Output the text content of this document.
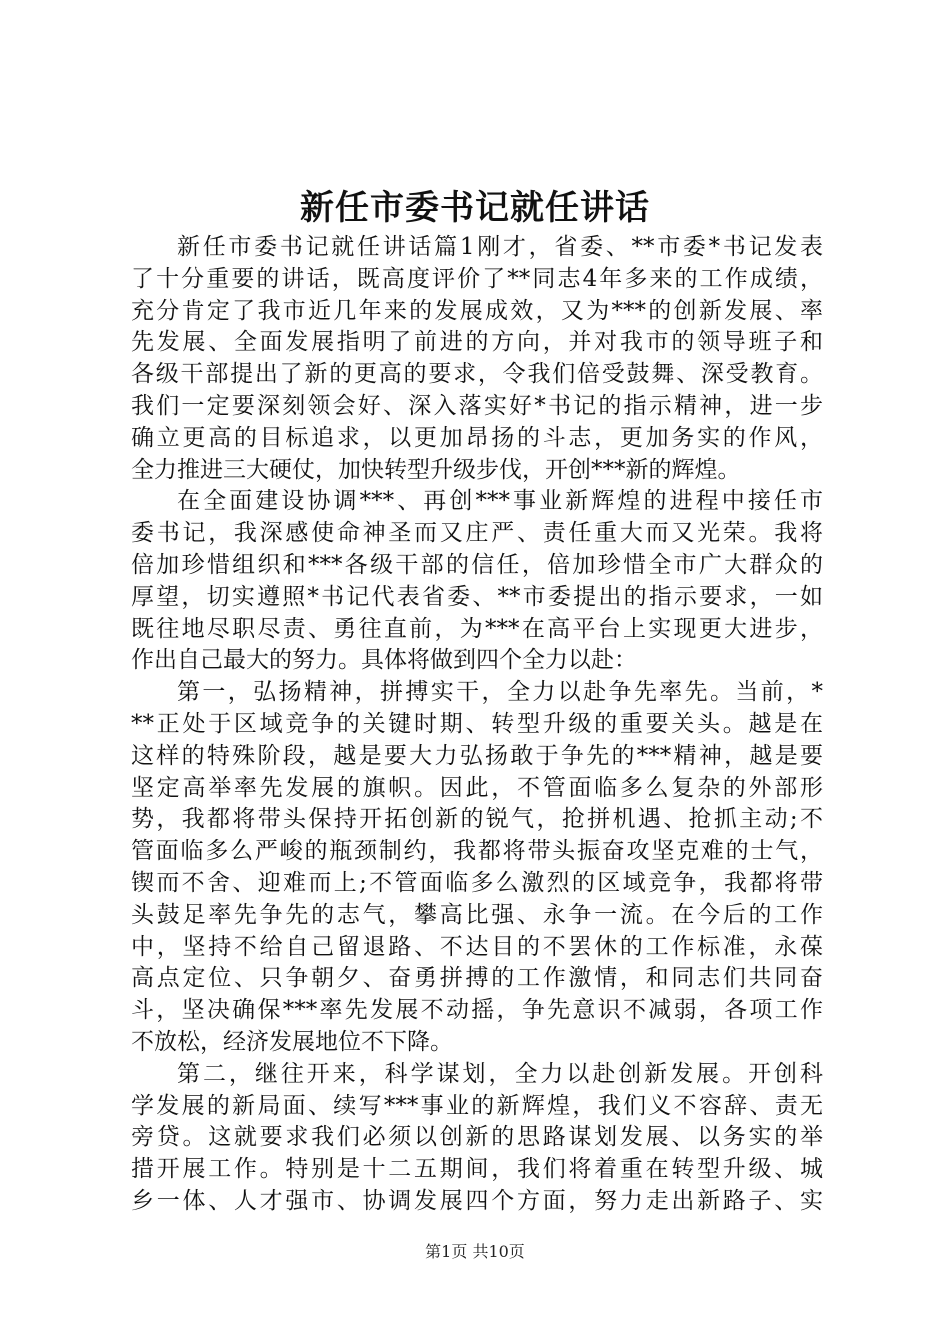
新任市委书记就任讲话
新任市委书记就任讲话篇1刚才，省委、**市委*书记发表
了十分重要的讲话，既高度评价了**同志4年多来的工作成绩，
充分肯定了我市近几年来的发展成效，又为***的创新发展、率
先发展、全面发展指明了前进的方向，并对我市的领导班子和
各级干部提出了新的更高的要求，令我们倍受鼓舞、深受教育。
我们一定要深刻领会好、深入落实好*书记的指示精神，进一步
确立更高的目标追求，以更加昂扬的斗志，更加务实的作风，
全力推进三大硬仗，加快转型升级步伐，开创***新的辉煌。
在全面建设协调***、再创***事业新辉煌的进程中接任市
委书记，我深感使命神圣而又庄严、责任重大而又光荣。我将
倍加珍惜组织和***各级干部的信任，倍加珍惜全市广大群众的
厚望，切实遵照*书记代表省委、**市委提出的指示要求，一如
既往地尽职尽责、勇往直前，为***在高平台上实现更大进步，
作出自己最大的努力。具体将做到四个全力以赴：
第一，弘扬精神，拼搏实干，全力以赴争先率先。当前，*
**正处于区域竞争的关键时期、转型升级的重要关头。越是在
这样的特殊阶段，越是要大力弘扬敢于争先的***精神，越是要
坚定高举率先发展的旗帜。因此，不管面临多么复杂的外部形
势，我都将带头保持开拓创新的锐气，抢拼机遇、抢抓主动;不
管面临多么严峻的瓶颈制约，我都将带头振奋攻坚克难的士气，
锲而不舍、迎难而上;不管面临多么激烈的区域竞争，我都将带
头鼓足率先争先的志气，攀高比强、永争一流。在今后的工作
中，坚持不给自己留退路、不达目的不罢休的工作标准，永葆
高点定位、只争朝夕、奋勇拼搏的工作激情，和同志们共同奋
斗，坚决确保***率先发展不动摇，争先意识不减弱，各项工作
不放松，经济发展地位不下降。
第二，继往开来，科学谋划，全力以赴创新发展。开创科
学发展的新局面、续写***事业的新辉煌，我们义不容辞、责无
旁贷。这就要求我们必须以创新的思路谋划发展、以务实的举
措开展工作。特别是十二五期间，我们将着重在转型升级、城
乡一体、人才强市、协调发展四个方面，努力走出新路子、实
第1页 共10页
